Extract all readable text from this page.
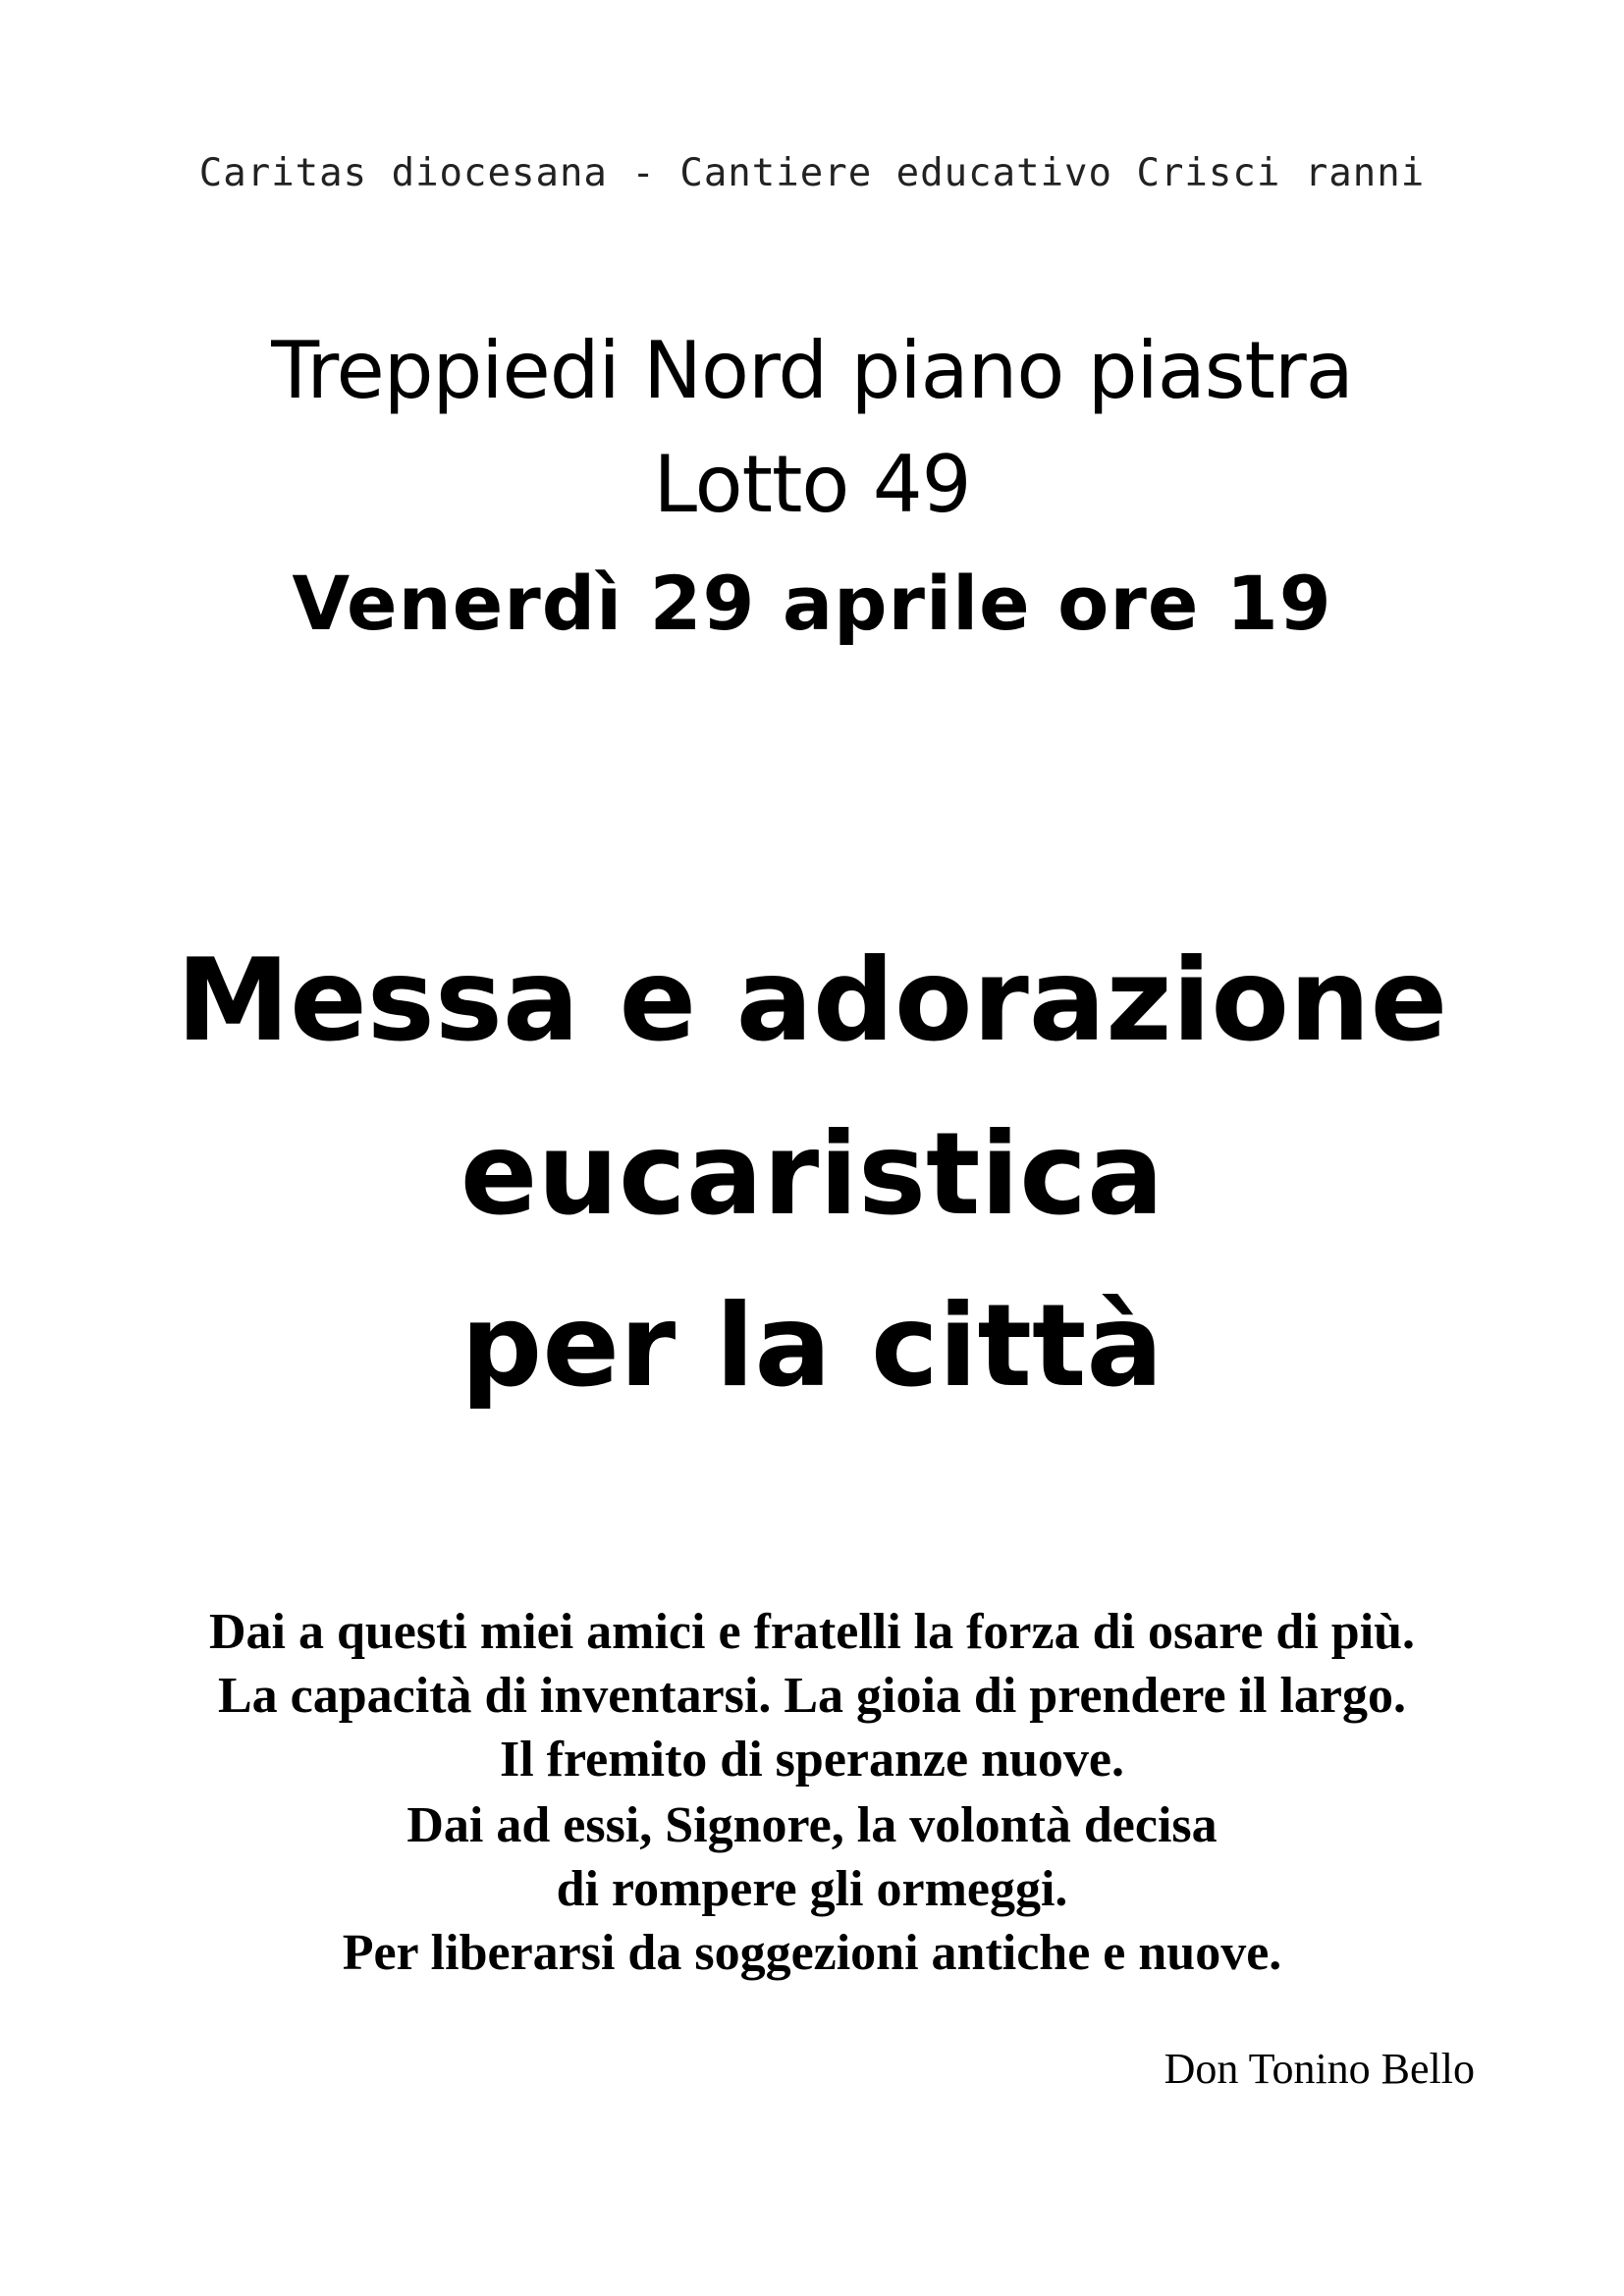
Caritas diocesana - Cantiere educativo Crisci ranni
Treppiedi Nord piano piastra
Lotto 49
Venerdì 29 aprile ore 19
Messa e adorazione
eucaristica
per la città
Dai a questi miei amici e fratelli la forza di osare di più.
La capacità di inventarsi. La gioia di prendere il largo.
Il fremito di speranze nuove.
Dai ad essi, Signore, la volontà decisa
di rompere gli ormeggi.
Per liberarsi da soggezioni antiche e nuove.
Don Tonino Bello
